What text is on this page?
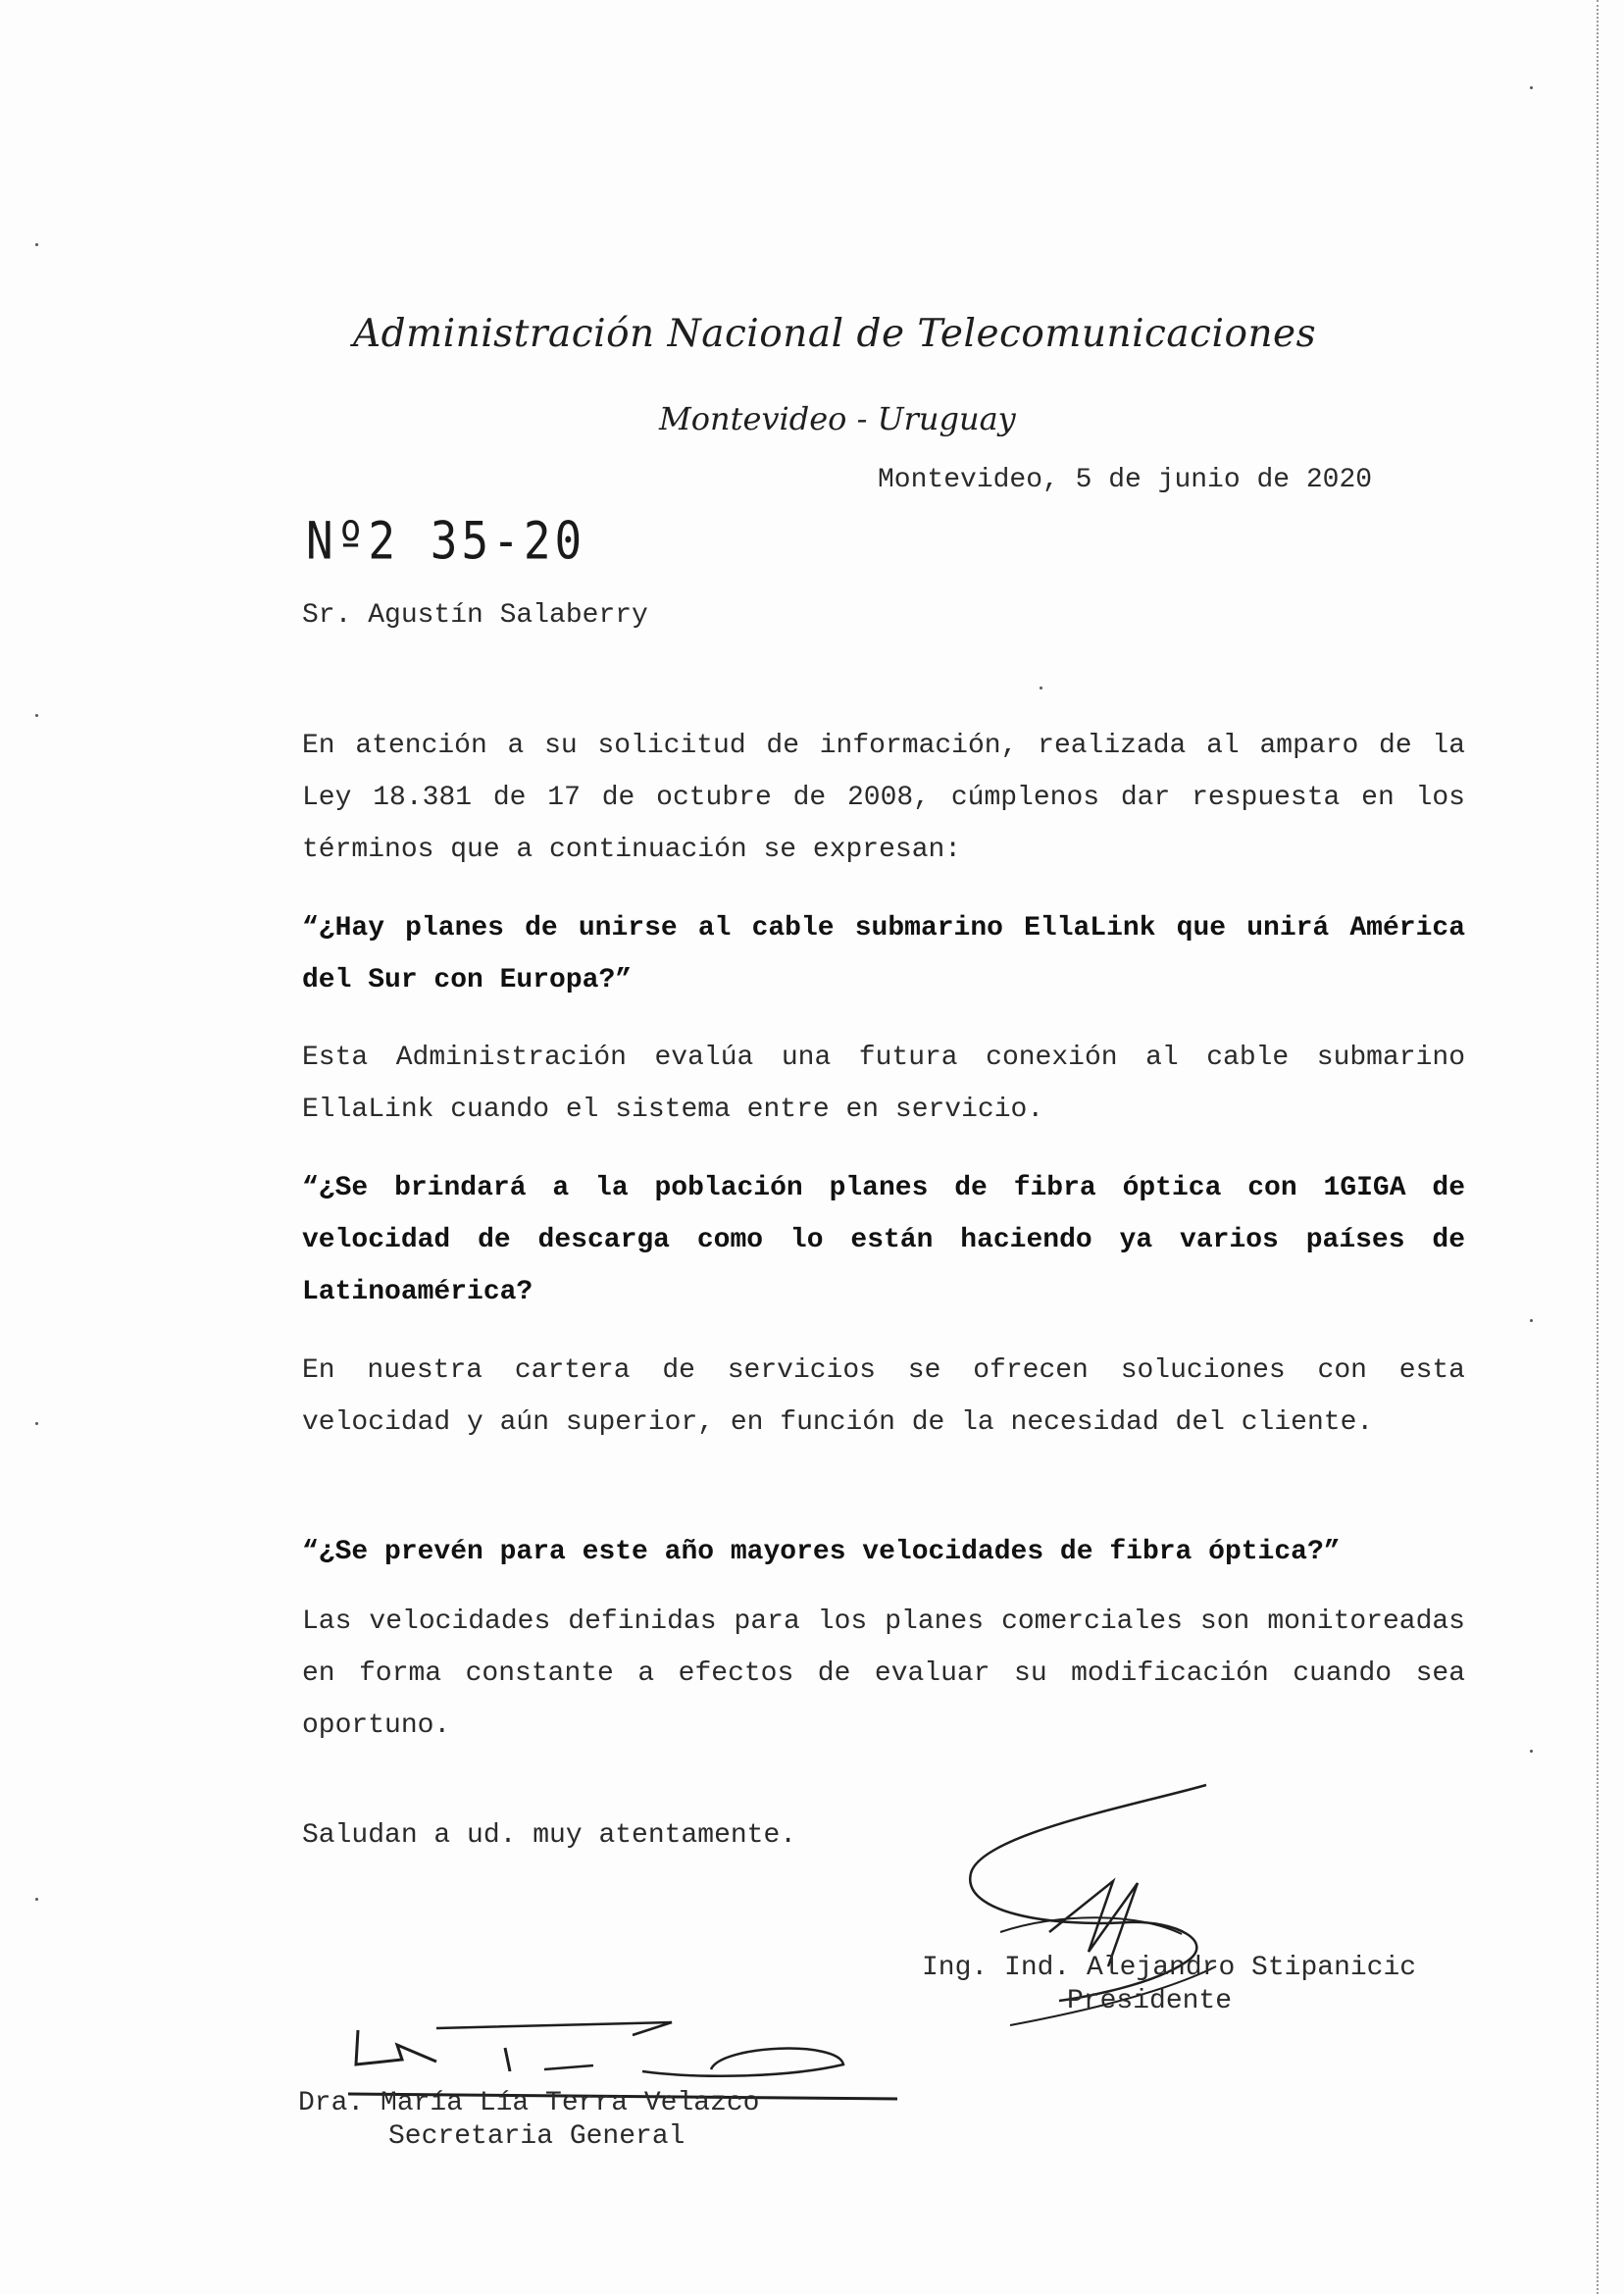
Administración Nacional de Telecomunicaciones
Montevideo - Uruguay
Montevideo, 5 de junio de 2020
Nº2 35-20
Sr. Agustín Salaberry
En atención a su solicitud de información, realizada al amparo de la Ley 18.381 de 17 de octubre de 2008, cúmplenos dar respuesta en los términos que a continuación se expresan:
“¿Hay planes de unirse al cable submarino EllaLink que unirá América del Sur con Europa?”
Esta Administración evalúa una futura conexión al cable submarino EllaLink cuando el sistema entre en servicio.
“¿Se brindará a la población planes de fibra óptica con 1GIGA de velocidad de descarga como lo están haciendo ya varios países de Latinoamérica?
En nuestra cartera de servicios se ofrecen soluciones con esta velocidad y aún superior, en función de la necesidad del cliente.
“¿Se prevén para este año mayores velocidades de fibra óptica?”
Las velocidades definidas para los planes comerciales son monitoreadas en forma constante a efectos de evaluar su modificación cuando sea oportuno.
Saludan a ud. muy atentamente.
Ing. Ind. Alejandro Stipanicic
Presidente
Dra. María Lía Terra Velazco
Secretaria General
